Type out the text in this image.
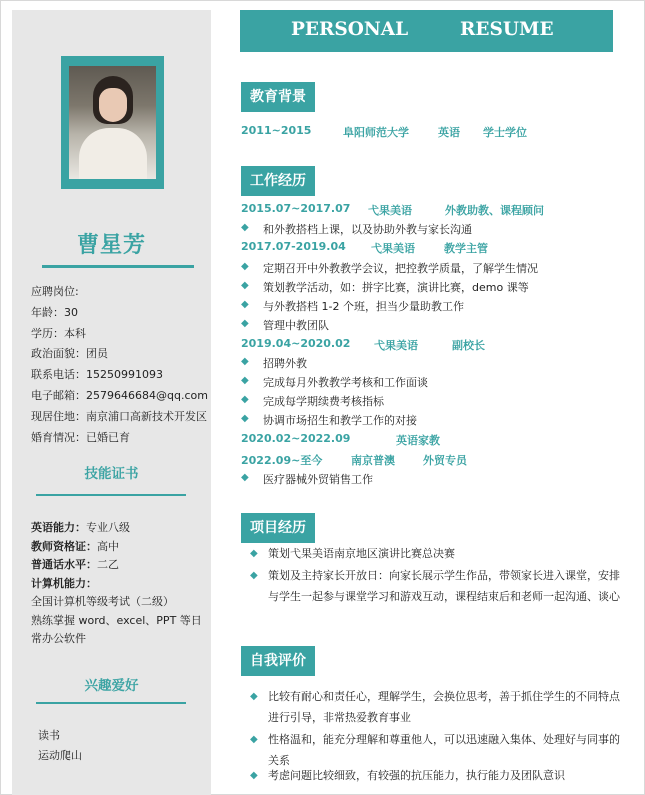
曹星芳
应聘岗位:
年龄：30
学历：本科
政治面貌：团员
联系电话：15250991093
电子邮箱：2579646684@qq.com
现居住地：南京浦口高新技术开发区
婚育情况：已婚已育
技能证书
英语能力：专业八级
教师资格证：高中
普通话水平：二乙
计算机能力：
全国计算机等级考试（二级）
熟练掌握 word、excel、PPT 等日
常办公软件
兴趣爱好
读书
运动爬山
PERSONAL	RESUME
教育背景
2011~2015	阜阳师范大学	英语 学士学位
工作经历
2015.07~2017.07 弋果美语	外教助教、课程顾问
◆ 和外教搭档上课，以及协助外教与家长沟通
2017.07-2019.04 弋果美语	教学主管
◆ 定期召开中外教教学会议，把控教学质量，了解学生情况
◆ 策划教学活动，如：拼字比赛，演讲比赛，demo 课等
◆ 与外教搭档 1-2 个班，担当少量助教工作
◆ 管理中教团队
2019.04~2020.02 弋果美语	副校长
◆ 招聘外教
◆ 完成每月外教教学考核和工作面谈
◆ 完成每学期续费考核指标
◆ 协调市场招生和教学工作的对接
2020.02~2022.09	英语家教
2022.09~至今	南京普澳	外贸专员
◆ 医疗器械外贸销售工作
项目经历
◆ 策划弋果美语南京地区演讲比赛总决赛
◆ 策划及主持家长开放日：向家长展示学生作品，带领家长进入课堂，安排与学生一起参与课堂学习和游戏互动，课程结束后和老师一起沟通、谈心
自我评价
◆ 比较有耐心和责任心，理解学生，会换位思考，善于抓住学生的不同特点进行引导，非常热爱教育事业
◆ 性格温和，能充分理解和尊重他人，可以迅速融入集体、处理好与同事的关系
◆ 考虑问题比较细致，有较强的抗压能力，执行能力及团队意识
